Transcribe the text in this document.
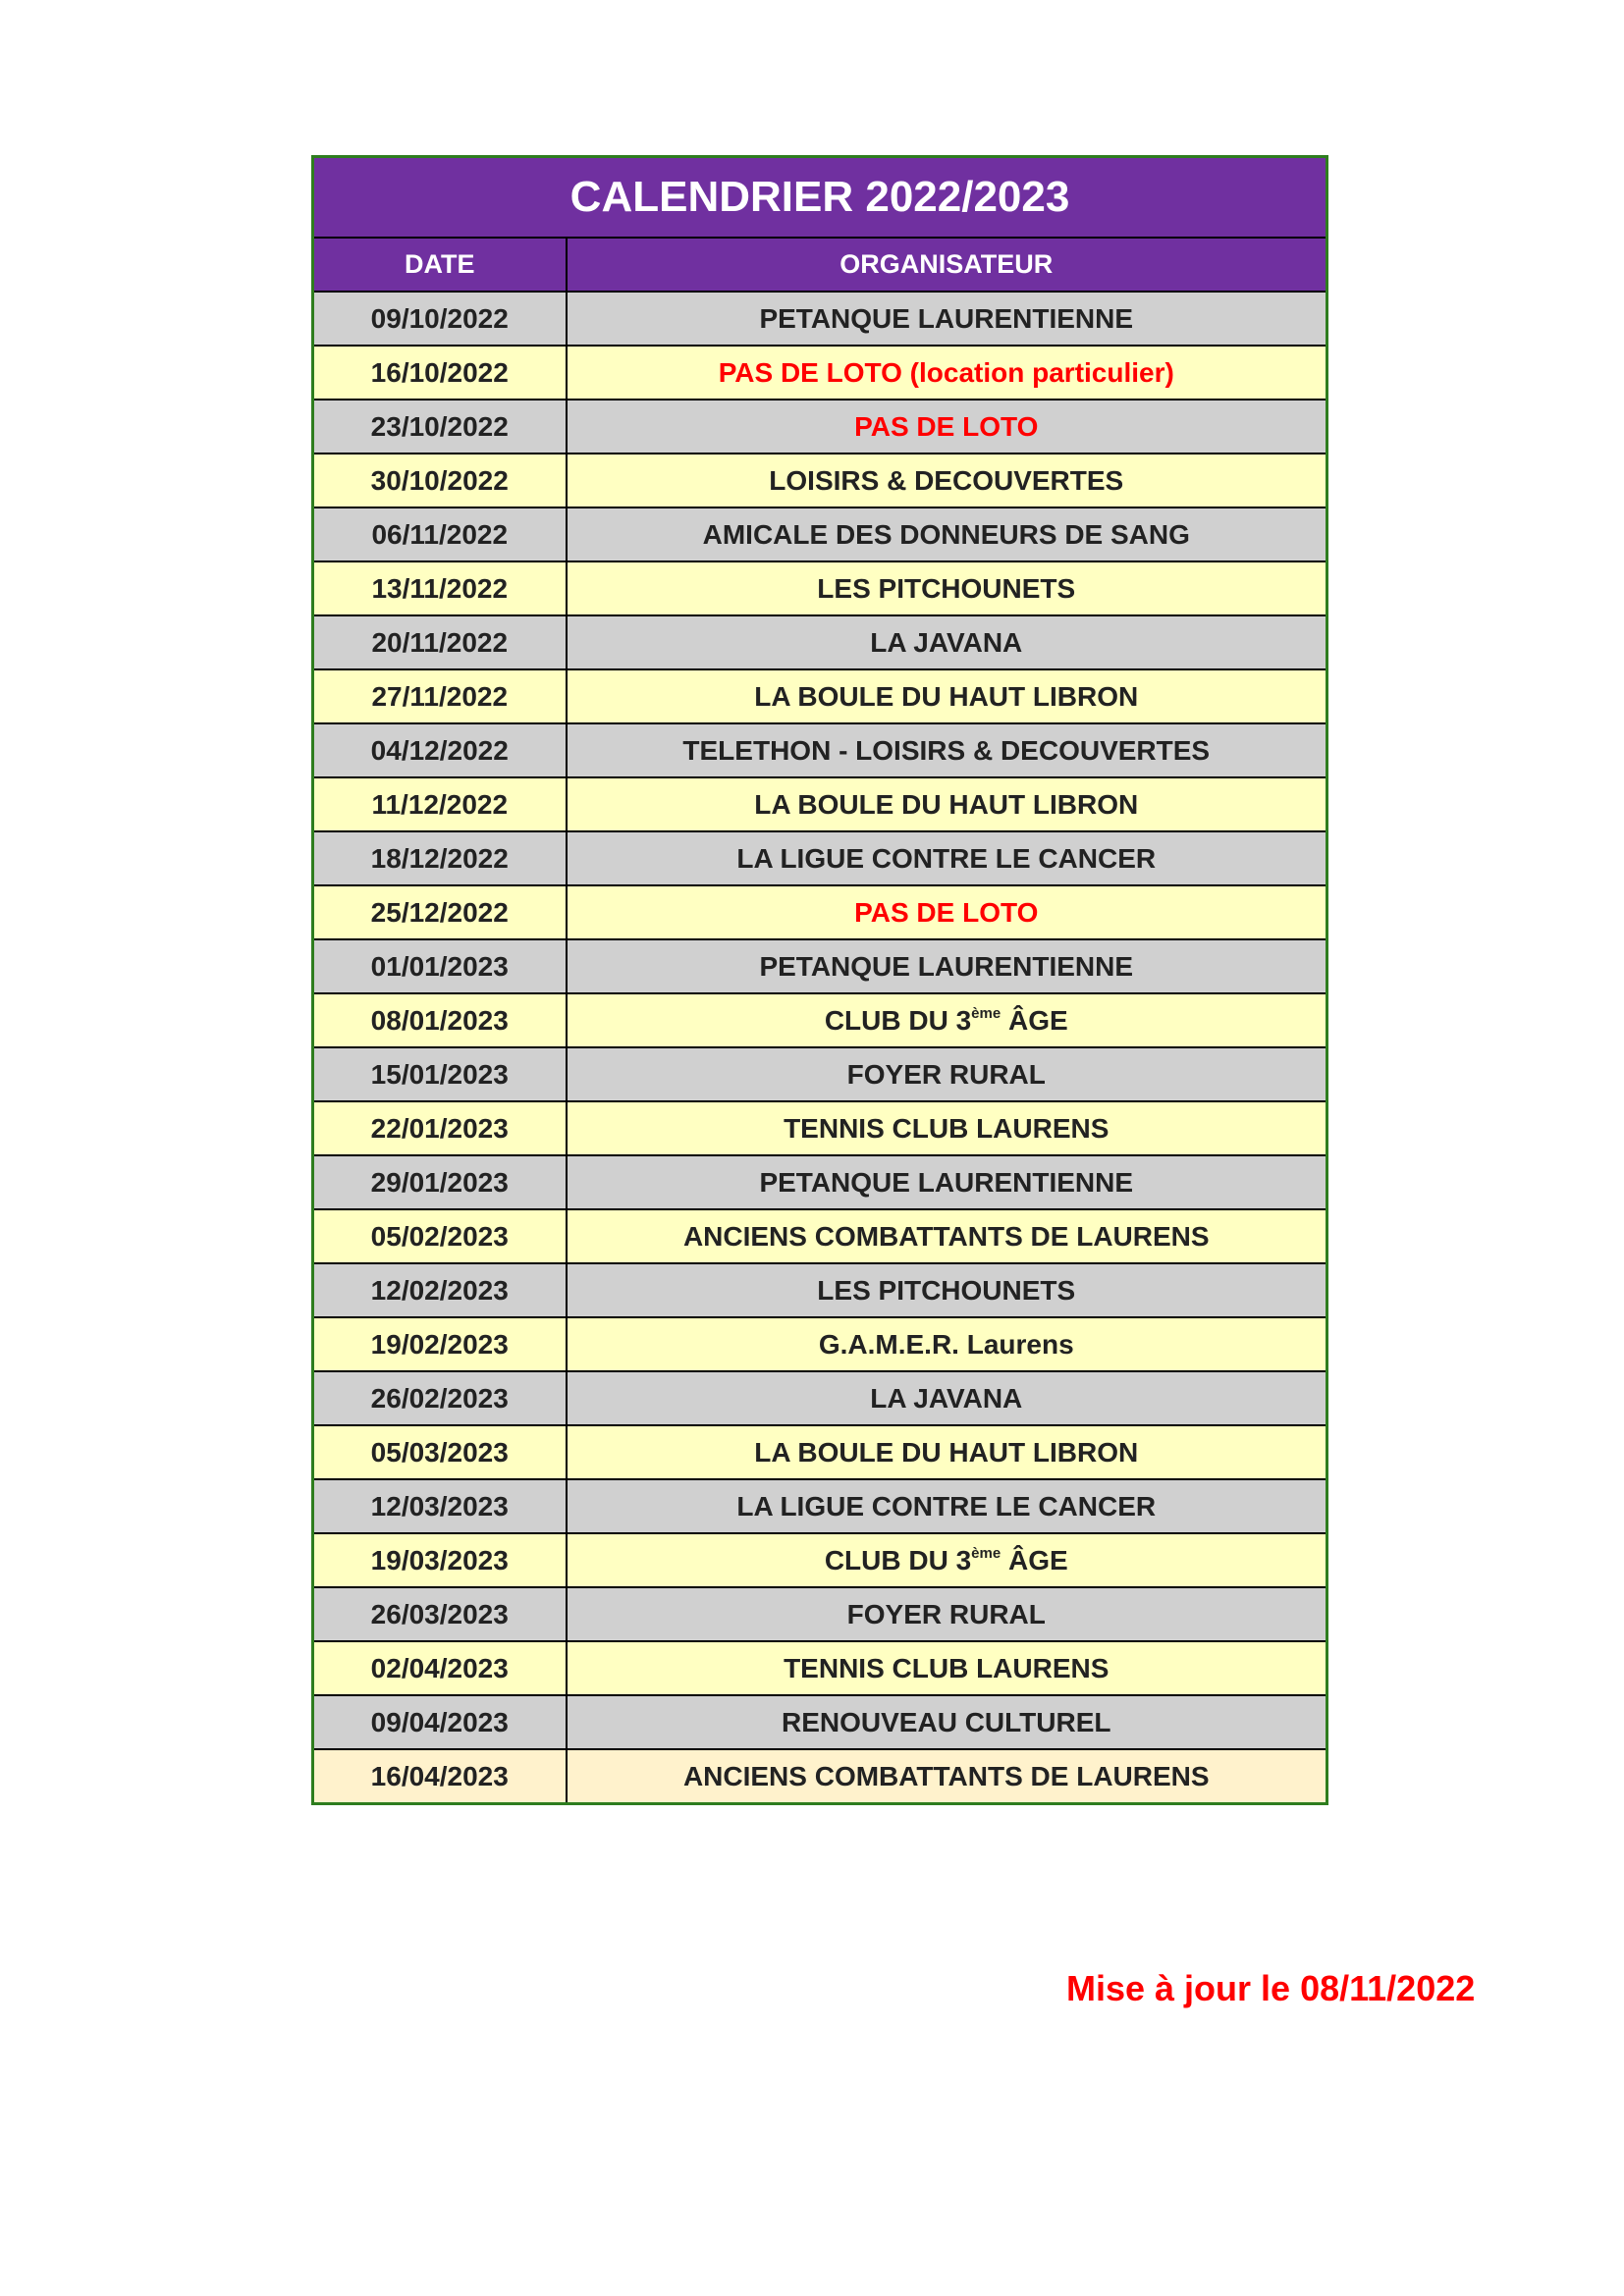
CALENDRIER 2022/2023	
DATE	ORGANISATEUR
09/10/2022	PETANQUE LAURENTIENNE
16/10/2022	PAS DE LOTO (location particulier)
23/10/2022	PAS DE LOTO
30/10/2022	LOISIRS & DECOUVERTES
06/11/2022	AMICALE DES DONNEURS DE SANG
13/11/2022	LES PITCHOUNETS
20/11/2022	LA JAVANA
27/11/2022	LA BOULE DU HAUT LIBRON
04/12/2022	TELETHON - LOISIRS & DECOUVERTES
11/12/2022	LA BOULE DU HAUT LIBRON
18/12/2022	LA LIGUE CONTRE LE CANCER
25/12/2022	PAS DE LOTO
01/01/2023	PETANQUE LAURENTIENNE
08/01/2023	CLUB DU 3ème ÂGE
15/01/2023	FOYER RURAL
22/01/2023	TENNIS CLUB LAURENS
29/01/2023	PETANQUE LAURENTIENNE
05/02/2023	ANCIENS COMBATTANTS DE LAURENS
12/02/2023	LES PITCHOUNETS
19/02/2023	G.A.M.E.R. Laurens
26/02/2023	LA JAVANA
05/03/2023	LA BOULE DU HAUT LIBRON
12/03/2023	LA LIGUE CONTRE LE CANCER
19/03/2023	CLUB DU 3ème ÂGE
26/03/2023	FOYER RURAL
02/04/2023	TENNIS CLUB LAURENS
09/04/2023	RENOUVEAU CULTUREL
16/04/2023	ANCIENS COMBATTANTS DE LAURENS
Mise à jour le 08/11/2022
